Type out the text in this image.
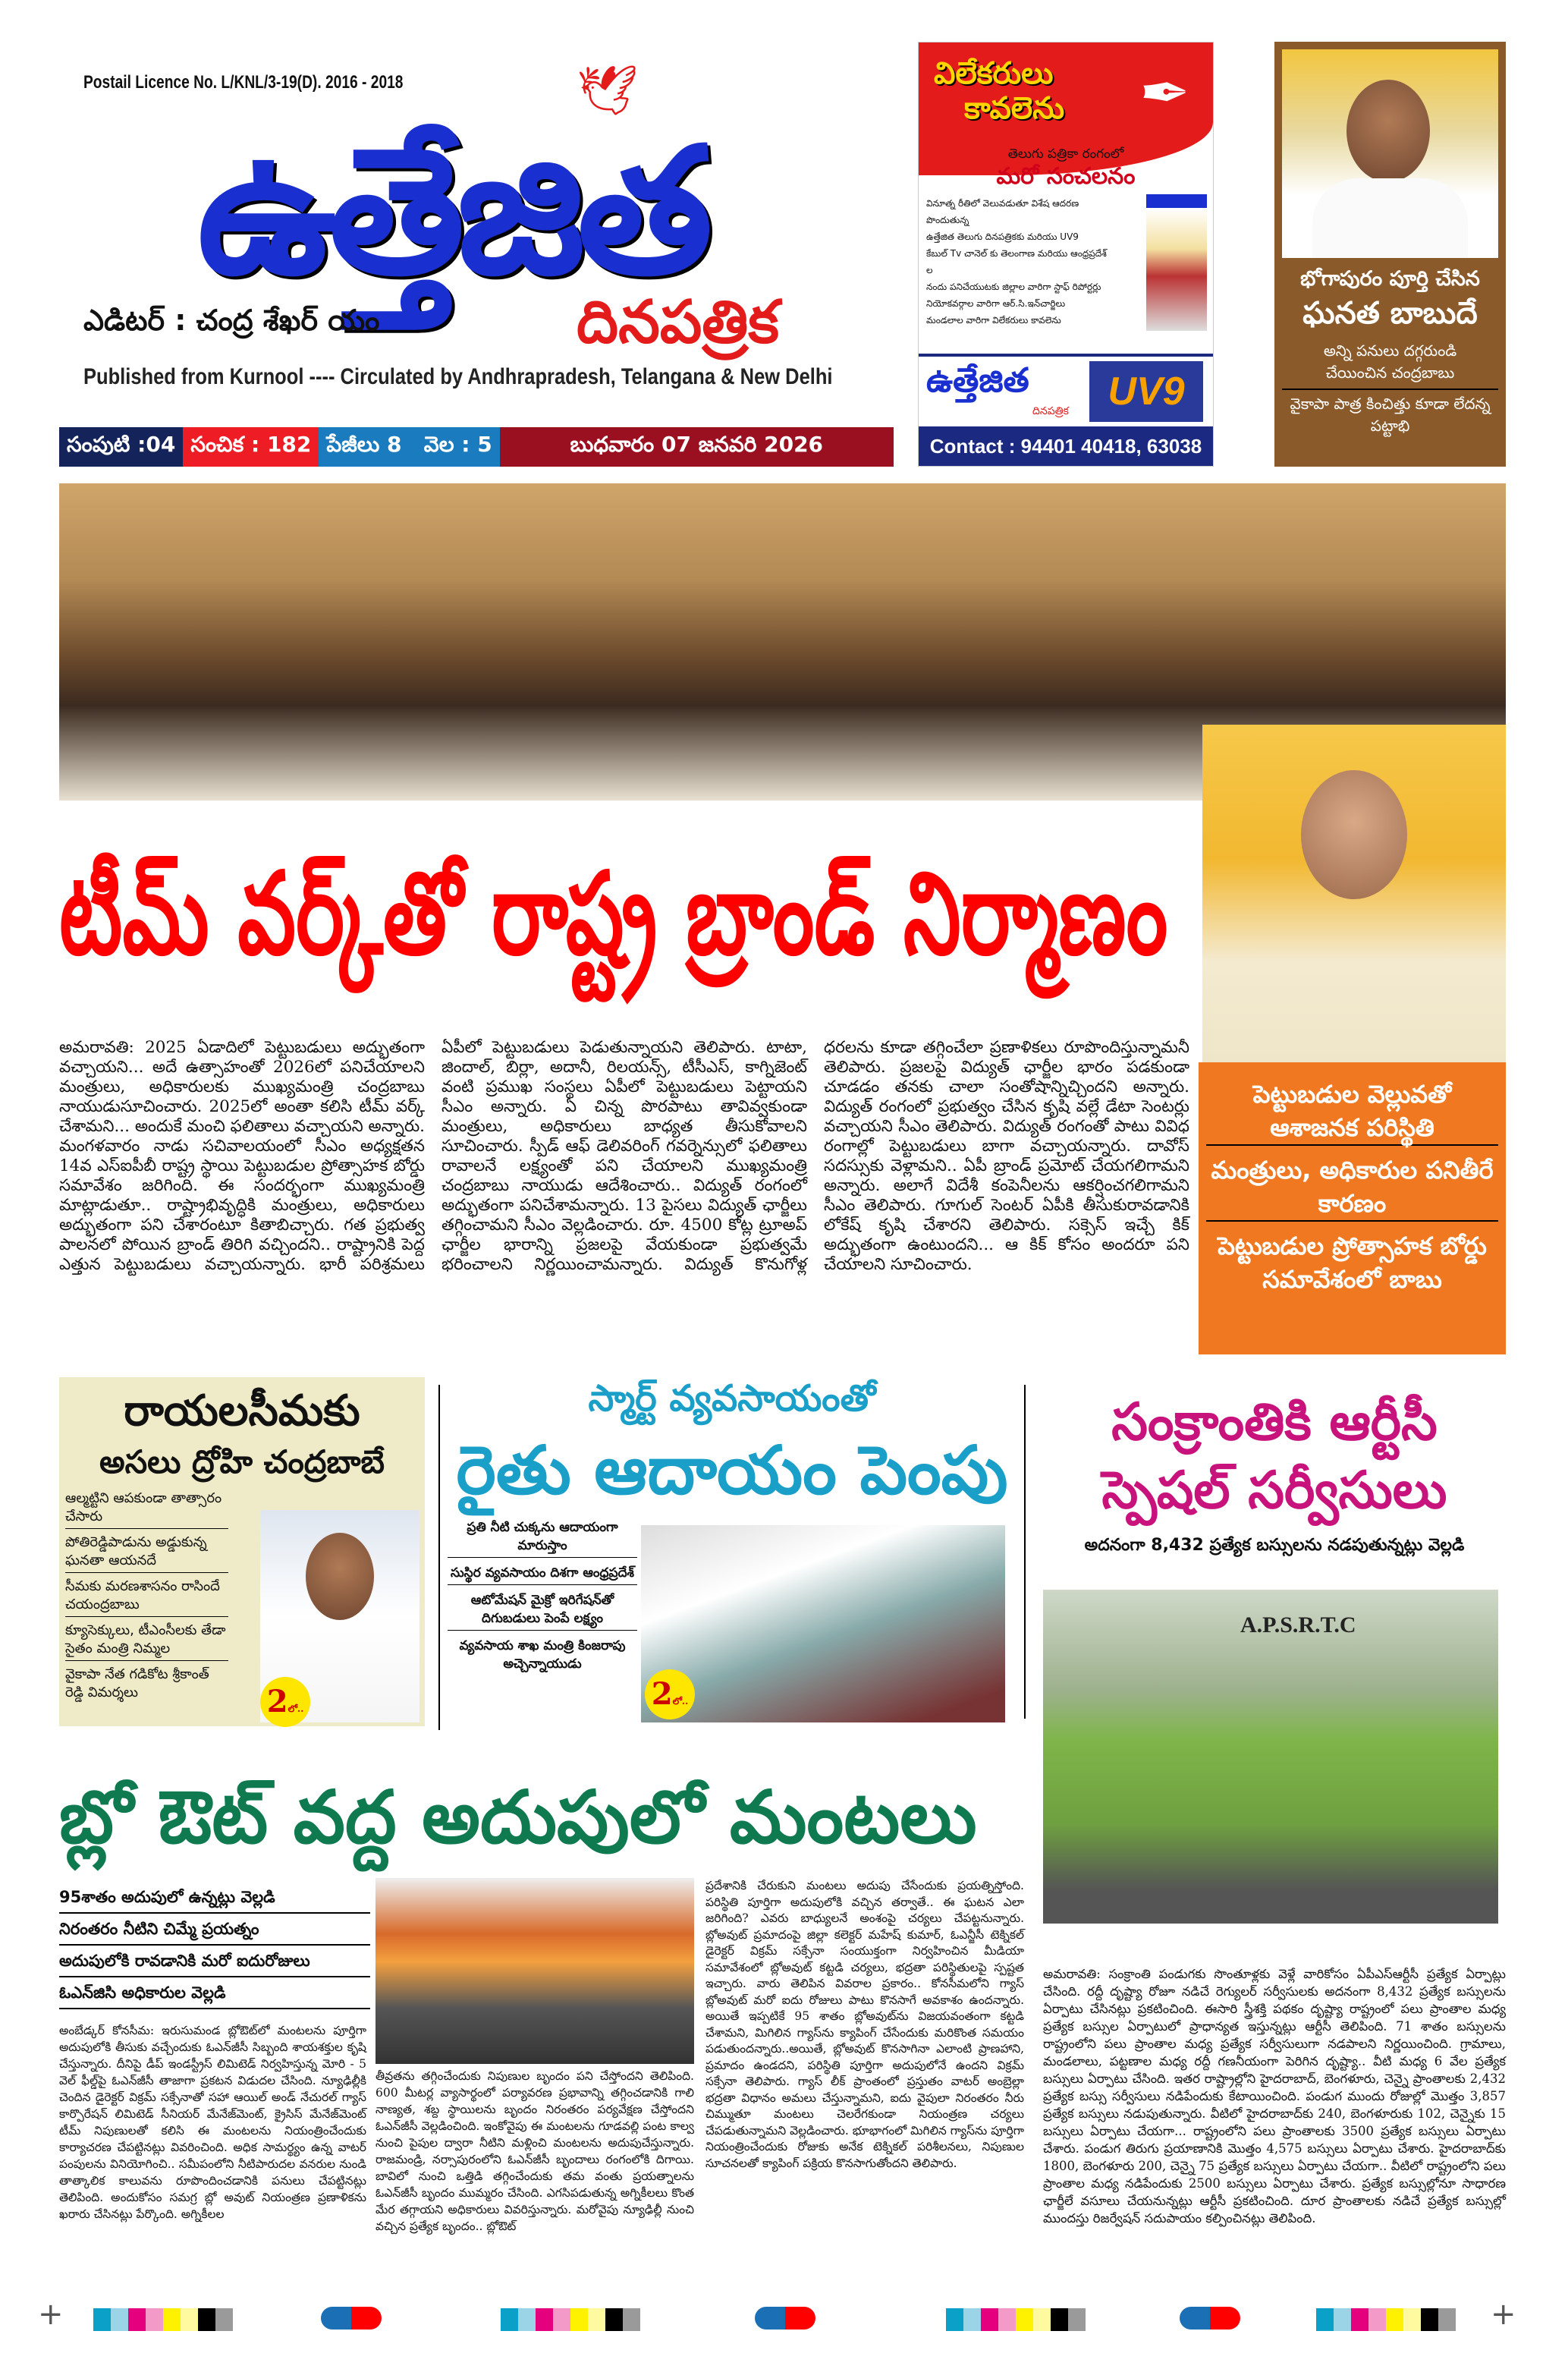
Postail Licence No. L/KNL/3-19(D). 2016 - 2018
ఉత్తేజిత
🕊
ఎడిటర్ : చంద్ర శేఖర్ యం	దినపత్రిక
Published from Kurnool ---- Circulated by Andhrapradesh, Telangana & New Delhi
సంపుటి :04 సంచిక : 182 పేజీలు 8   వెల : 5	బుధవారం 07 జనవరి 2026
విలేకరులు
కావలెను	✒
తెలుగు పత్రికా రంగంలో
మరో సంచలనం
వినూత్న రీతిలో వెలువడుతూ విశేష ఆదరణ పొందుతున్న
ఉత్తేజిత తెలుగు దినపత్రికకు మరియు UV9
కేబుల్ Tv చానెల్ కు తెలంగాణ మరియు ఆంధ్రప్రదేశ్ ల
నందు పనిచేయుటకు జిల్లాల వారిగా స్టాఫ్ రిపోర్టర్లు
నియోకవర్గాల వారిగా ఆర్.సి.ఇన్‌చార్జిలు
మండలాల వారిగా విలేకరులు కావలెను
ఉత్తేజిత
దినపత్రిక UV9
Contact : 94401 40418, 63038
భోగాపురం పూర్తి చేసిన
ఘనత బాబుదే
అన్ని పనులు దగ్గరుండి చేయించిన చంద్రబాబు
వైకాపా పాత్ర కించిత్తు కూడా లేదన్న పట్టాభి

పెట్టుబడుల వెల్లువతో ఆశాజనక పరిస్థితి

మంత్రులు, అధికారుల పనితీరే కారణం

పెట్టుబడుల ప్రోత్సాహక బోర్డు సమావేశంలో బాబు

టీమ్ వర్క్‌తో రాష్ట్ర బ్రాండ్ నిర్మాణం
అమరావతి: 2025 ఏడాదిలో పెట్టుబడులు అద్భుతంగా వచ్చాయని... అదే ఉత్సాహంతో 2026లో పనిచేయాలని మంత్రులు, అధికారులకు ముఖ్యమంత్రి చంద్రబాబు నాయుడుసూచించారు. 2025లో అంతా కలిసి టీమ్ వర్క్ చేశామని... అందుకే మంచి ఫలితాలు వచ్చాయని అన్నారు. మంగళవారం నాడు సచివాలయంలో సీఎం అధ్యక్షతన 14వ ఎస్ఐపీబీ రాష్ట్ర స్థాయి పెట్టుబడుల ప్రోత్సాహక బోర్డు సమావేశం జరిగింది. ఈ సందర్భంగా ముఖ్యమంత్రి మాట్లాడుతూ.. రాష్ట్రాభివృద్ధికి మంత్రులు, అధికారులు అద్భుతంగా పని చేశారంటూ కితాబిచ్చారు. గత ప్రభుత్వ పాలనలో పోయిన బ్రాండ్ తిరిగి వచ్చిందని.. రాష్ట్రానికి పెద్ద ఎత్తున పెట్టుబడులు వచ్చాయన్నారు. భారీ పరిశ్రమలు ఏపీలో పెట్టుబడులు పెడుతున్నాయని తెలిపారు. టాటా, జిందాల్, బిర్లా, అదానీ, రిలయన్స్, టీసీఎస్, కాగ్నిజెంట్ వంటి ప్రముఖ సంస్థలు ఏపీలో పెట్టుబడులు పెట్టాయని సీఎం అన్నారు. ఏ చిన్న పొరపాటు తావివ్వకుండా మంత్రులు, అధికారులు బాధ్యత తీసుకోవాలని సూచించారు. స్పీడ్ ఆఫ్ డెలివరింగ్ గవర్నెన్సులో ఫలితాలు రావాలనే లక్ష్యంతో పని చేయాలని ముఖ్యమంత్రి చంద్రబాబు నాయుడు ఆదేశించారు.. విద్యుత్ రంగంలో అద్భుతంగా పనిచేశామన్నారు. 13 పైసలు విద్యుత్ ఛార్జీలు తగ్గించామని సీఎం వెల్లడించారు. రూ. 4500 కోట్ల ట్రూఅప్ ఛార్జీల భారాన్ని ప్రజలపై వేయకుండా ప్రభుత్వమే భరించాలని నిర్ణయించామన్నారు. విద్యుత్ కొనుగోళ్ల ధరలను కూడా తగ్గించేలా ప్రణాళికలు రూపొందిస్తున్నామనీ తెలిపారు. ప్రజలపై విద్యుత్ ఛార్జీల భారం పడకుండా చూడడం తనకు చాలా సంతోషాన్నిచ్చిందని అన్నారు. విద్యుత్ రంగంలో ప్రభుత్వం చేసిన కృషి వల్లే డేటా సెంటర్లు వచ్చాయని సీఎం తెలిపారు. విద్యుత్ రంగంతో పాటు వివిధ రంగాల్లో పెట్టుబడులు బాగా వచ్చాయన్నారు. దావోస్ సదస్సుకు వెళ్లామని.. ఏపీ బ్రాండ్ ప్రమోట్ చేయగలిగామని అన్నారు. అలాగే విదేశీ కంపెనీలను ఆకర్షించగలిగామని సీఎం తెలిపారు. గూగుల్ సెంటర్ ఏపీకి తీసుకురావడానికి లోకేష్ కృషి చేశారని తెలిపారు. సక్సెస్ ఇచ్చే కిక్ అద్భుతంగా ఉంటుందని... ఆ కిక్ కోసం అందరూ పని చేయాలని సూచించారు.
రాయలసీమకు
అసలు ద్రోహి చంద్రబాబే
ఆల్మట్టిని ఆపకుండా తాత్సారం చేసారు
పోతిరెడ్డిపాడును అడ్డుకున్న ఘనతా ఆయనదే
సీమకు మరణశాసనం రాసిందే చయంద్రబాబు
క్యూసెక్కులు, టీఎంసీలకు తేడా సైతం మంత్రి నిమ్మల
వైకాపా నేత గడికోట శ్రీకాంత్ రెడ్డి విమర్శలు	2లో..
స్మార్ట్ వ్యవసాయంతో
రైతు ఆదాయం పెంపు
ప్రతి నీటి చుక్కను ఆదాయంగా మారుస్తాం
సుస్థిర వ్యవసాయం దిశగా ఆంధ్రప్రదేశ్
ఆటోమేషన్ మైక్రో ఇరిగేషన్‌తో దిగుబడులు పెంపే లక్ష్యం
వ్యవసాయ శాఖ మంత్రి కింజరాపు అచ్చెన్నాయుడు
2లో..
సంక్రాంతికి ఆర్టీసీ
స్పెషల్ సర్వీసులు
అదనంగా 8,432 ప్రత్యేక బస్సులను నడపుతున్నట్లు వెల్లడి
A.P.S.R.T.C
అమరావతి: సంక్రాంతి పండుగకు సొంతూళ్లకు వెళ్లే వారికోసం ఏపీఎస్ఆర్టీసీ ప్రత్యేక ఏర్పాట్లు చేసింది. రద్దీ దృష్ట్యా రోజూ నడిచే రెగ్యులర్ సర్వీసులకు అదనంగా 8,432 ప్రత్యేక బస్సులను ఏర్పాటు చేసినట్లు ప్రకటించింది. ఈసారి స్త్రీశక్తి పథకం దృష్ట్యా రాష్ట్రంలో పలు ప్రాంతాల మధ్య ప్రత్యేక బస్సుల ఏర్పాటులో ప్రాధాన్యత ఇస్తున్నట్లు ఆర్టీసీ తెలిపింది. 71 శాతం బస్సులను రాష్ట్రంలోని పలు ప్రాంతాల మధ్య ప్రత్యేక సర్వీసులుగా నడపాలని నిర్ణయించింది. గ్రామాలు, మండలాలు, పట్టణాల మధ్య రద్దీ గణనీయంగా పెరిగిన దృష్ట్యా.. వీటి మధ్య 6 వేల ప్రత్యేక బస్సులు ఏర్పాటు చేసింది. ఇతర రాష్ట్రాల్లోని హైదరాబాద్, బెంగళూరు, చెన్నై ప్రాంతాలకు 2,432 ప్రత్యేక బస్సు సర్వీసులు నడిపేందుకు కేటాయించింది. పండుగ ముందు రోజుల్లో మొత్తం 3,857 ప్రత్యేక బస్సులు నడుపుతున్నారు. వీటిలో హైదరాబాద్‌కు 240, బెంగళూరుకు 102, చెన్నైకు 15 బస్సులు ఏర్పాటు చేయగా... రాష్ట్రంలోని పలు ప్రాంతాలకు 3500 ప్రత్యేక బస్సులు ఏర్పాటు చేశారు. పండుగ తిరుగు ప్రయాణానికి మొత్తం 4,575 బస్సులు ఏర్పాటు చేశారు. హైదరాబాద్‌కు 1800, బెంగళూరు 200, చెన్నై 75 ప్రత్యేక బస్సులు ఏర్పాటు చేయగా.. వీటిలో రాష్ట్రంలోని పలు ప్రాంతాల మధ్య నడిపేందుకు 2500 బస్సులు ఏర్పాటు చేశారు. ప్రత్యేక బస్సుల్లోనూ సాధారణ ఛార్జీలే వసూలు చేయనున్నట్లు ఆర్టీసీ ప్రకటించింది. దూర ప్రాంతాలకు నడిచే ప్రత్యేక బస్సుల్లో ముందస్తు రిజర్వేషన్ సదుపాయం కల్పించినట్లు తెలిపింది.
బ్లో ఔట్ వద్ద అదుపులో మంటలు
95శాతం అదుపులో ఉన్నట్లు వెల్లడి
నిరంతరం నీటిని చిమ్మే ప్రయత్నం
అదుపులోకి రావడానికి మరో ఐదురోజులు
ఓఎన్‌జిసి అధికారుల వెల్లడి
అంబేడ్కర్ కోనసీమ: ఇరుసుమండ బ్లోఔట్‌లో మంటలను పూర్తిగా అదుపులోకి తీసుకు వచ్చేందుకు ఓఎన్‌జీసీ సిబ్బంది శాయశక్తుల కృషి చేస్తున్నారు. దీనిపై డీప్ ఇండస్ట్రీస్ లిమిటెడ్ నిర్వహిస్తున్న మోరి - 5 వెల్ ఫీల్డ్‌పై ఓఎన్‌జీసీ తాజాగా ప్రకటన విడుదల చేసింది. న్యూఢిల్లీకి చెందిన డైరెక్టర్ విక్రమ్ సక్సేనాతో సహా ఆయిల్ అండ్ నేచురల్ గ్యాస్ కార్పొరేషన్ లిమిటెడ్ సీనియర్ మేనేజ్‌మెంట్, క్రైసిస్ మేనేజ్‌మెంట్ టీమ్ నిపుణులతో కలిసి ఈ మంటలను నియంత్రించేందుకు కార్యాచరణ చేపట్టినట్లు వివరించింది. అధిక సామర్థ్యం ఉన్న వాటర్ పంపులను వినియోగించి.. సమీపంలోని నీటిపారుదల వనరుల నుండి తాత్కాలిక కాలువను రూపొందించడానికి పనులు చేపట్టినట్లు తెలిపింది. అందుకోసం సమగ్ర బ్లో అవుట్ నియంత్రణ ప్రణాళికను ఖరారు చేసినట్లు పేర్కొంది. అగ్నికీలల
తీవ్రతను తగ్గించేందుకు నిపుణుల బృందం పని చేస్తోందని తెలిపింది. 600 మీటర్ల వ్యాసార్థంలో పర్యావరణ ప్రభావాన్ని తగ్గించడానికి గాలి నాణ్యత, శబ్ద స్థాయిలను బృందం నిరంతరం పర్యవేక్షణ చేస్తోందని ఓఎన్‌జీసీ వెల్లడించింది. ఇంకోవైపు ఈ మంటలను గూడవల్లి పంట కాల్వ నుంచి పైపుల ద్వారా నీటిని మళ్లించి మంటలను అదుపుచేస్తున్నారు. రాజమండ్రి, నర్సాపురంలోని ఓఎన్‌జీసీ బృందాలు రంగంలోకి దిగాయి. బావిలో నుంచి ఒత్తిడి తగ్గించేందుకు తమ వంతు ప్రయత్నాలను ఓఎన్‌జీసీ బృందం ముమ్మరం చేసింది. ఎగసిపడుతున్న అగ్నికీలలు కొంత మేర తగ్గాయని అధికారులు వివరిస్తున్నారు. మరోవైపు న్యూఢిల్లీ నుంచి వచ్చిన ప్రత్యేక బృందం.. బ్లోఔట్
ప్రదేశానికి చేరుకుని మంటలు అదుపు చేసేందుకు ప్రయత్నిస్తోంది. పరిస్థితి పూర్తిగా అదుపులోకి వచ్చిన తర్వాతే.. ఈ ఘటన ఎలా జరిగింది? ఎవరు బాధ్యులనే అంశంపై చర్యలు చేపట్టనున్నారు. బ్లోఅవుట్ ప్రమాదంపై జిల్లా కలెక్టర్ మహేష్ కుమార్, ఓఎన్జీసీ టెక్నికల్ డైరెక్టర్ విక్రమ్ సక్సేనా సంయుక్తంగా నిర్వహించిన మీడియా సమావేశంలో బ్లోఅవుట్ కట్టడి చర్యలు, భద్రతా పరిస్థితులపై స్పష్టత ఇచ్చారు. వారు తెలిపిన వివరాల ప్రకారం.. కోనసీమలోని గ్యాస్ బ్లోఅవుట్ మరో ఐదు రోజులు పాటు కొనసాగే అవకాశం ఉందన్నారు. అయితే ఇప్పటికే 95 శాతం బ్లోఅవుట్‌ను విజయవంతంగా కట్టడి చేశామని, మిగిలిన గ్యాస్‌ను క్యాపింగ్ చేసేందుకు మరికొంత సమయం పడుతుందన్నారు..అయితే, బ్లోఅవుట్ కొనసాగినా ఎలాంటి ప్రాణహాని, ప్రమాదం ఉండదని, పరిస్థితి పూర్తిగా అదుపులోనే ఉందని విక్రమ్ సక్సేనా తెలిపారు. గ్యాస్ లీక్ ప్రాంతంలో ప్రస్తుతం వాటర్ అంబ్రెల్లా భద్రతా విధానం అమలు చేస్తున్నామని, ఐదు వైపులా నిరంతరం నీరు చిమ్ముతూ మంటలు చెలరేగకుండా నియంత్రణ చర్యలు చేపడుతున్నామని వెల్లడించారు. భూభాగంలో మిగిలిన గ్యాస్‌ను పూర్తిగా నియంత్రించేందుకు రోజుకు అనేక టెక్నికల్ పరిశీలనలు, నిపుణుల సూచనలతో క్యాపింగ్ పక్రియ కొనసాగుతోందని తెలిపారు.
+	+
